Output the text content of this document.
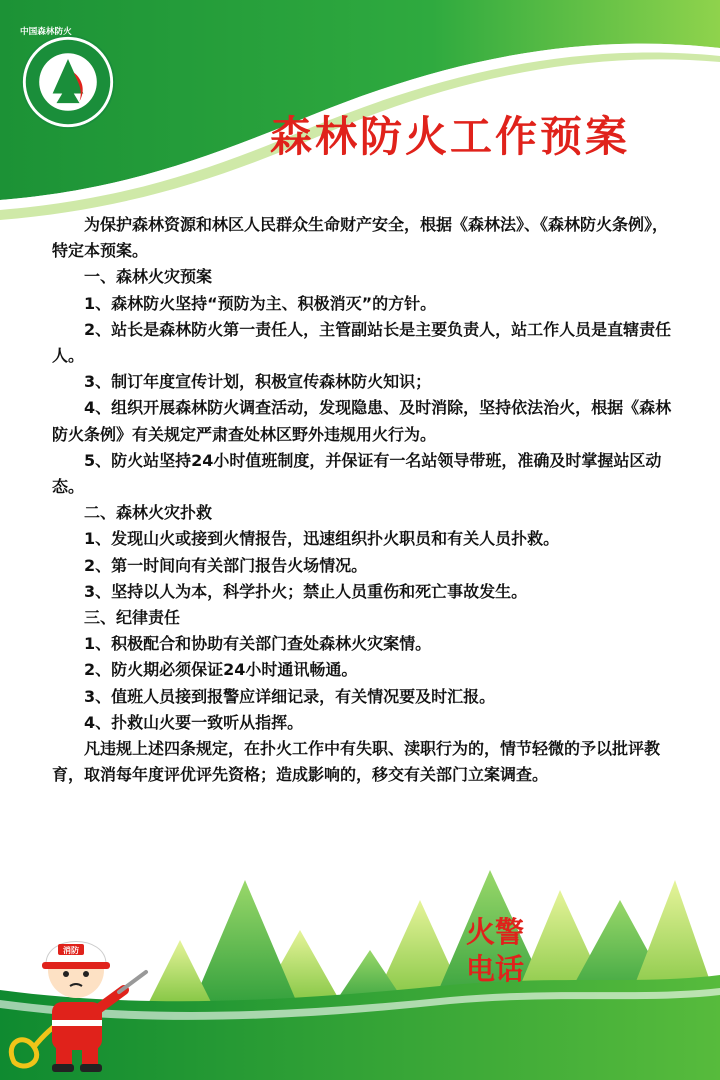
中国森林防火
森林防火工作预案

为保护森林资源和林区人民群众生命财产安全，根据《森林法》、《森林防火条例》，特定本预案。

一、森林火灾预案

1、森林防火坚持“预防为主、积极消灭”的方针。

2、站长是森林防火第一责任人，主管副站长是主要负责人，站工作人员是直辖责任人。

3、制订年度宣传计划，积极宣传森林防火知识；

4、组织开展森林防火调查活动，发现隐患、及时消除，坚持依法治火，根据《森林防火条例》有关规定严肃查处林区野外违规用火行为。

5、防火站坚持24小时值班制度，并保证有一名站领导带班，准确及时掌握站区动态。

二、森林火灾扑救

1、发现山火或接到火情报告，迅速组织扑火职员和有关人员扑救。

2、第一时间向有关部门报告火场情况。

3、坚持以人为本，科学扑火；禁止人员重伤和死亡事故发生。

三、纪律责任

1、积极配合和协助有关部门查处森林火灾案情。

2、防火期必须保证24小时通讯畅通。

3、值班人员接到报警应详细记录，有关情况要及时汇报。

4、扑救山火要一致听从指挥。

凡违规上述四条规定，在扑火工作中有失职、渎职行为的，情节轻微的予以批评教育，取消每年度评优评先资格；造成影响的，移交有关部门立案调查。

火警
电话
消防
